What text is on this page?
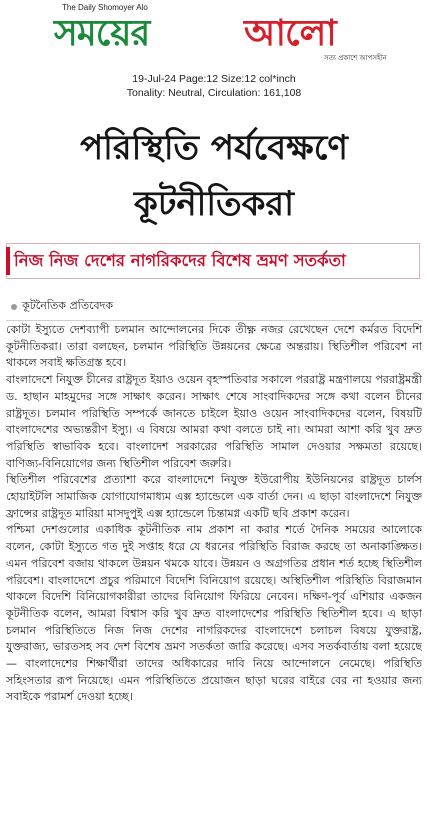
The Daily Shomoyer Alo
সময়ের	আলো
সত্য প্রকাশে আপসহীন
19-Jul-24 Page:12 Size:12 col*inch
Tonality: Neutral, Circulation: 161,108
পরিস্থিতি পর্যবেক্ষণে
কূটনীতিকরা
নিজ নিজ দেশের নাগরিকদের বিশেষ ভ্রমণ সতর্কতা
কূটনৈতিক প্রতিবেদক

কোটা ইস্যুতে দেশব্যাপী চলমান আন্দোলনের দিকে তীক্ষ্ণ নজর রেখেছেন দেশে কর্মরত বিদেশি কূটনীতিকরা। তারা বলছেন, চলমান পরিস্থিতি উন্নয়নের ক্ষেত্রে অন্তরায়। স্থিতিশীল পরিবেশ না থাকলে সবাই ক্ষতিগ্রস্ত হবে।

বাংলাদেশে নিযুক্ত চীনের রাষ্ট্রদূত ইয়াও ওয়েন বৃহস্পতিবার সকালে পররাষ্ট্র মন্ত্রণালয়ে পররাষ্ট্রমন্ত্রী ড. হাছান মাহমুদের সঙ্গে সাক্ষাৎ করেন। সাক্ষাৎ শেষে সাংবাদিকদের সঙ্গে কথা বলেন চীনের রাষ্ট্রদূত। চলমান পরিস্থিতি সম্পর্কে জানতে চাইলে ইয়াও ওয়েন সাংবাদিকদের বলেন, বিষয়টি বাংলাদেশের অভ্যন্তরীণ ইস্যু। এ বিষয়ে আমরা কথা বলতে চাই না। আমরা আশা করি খুব দ্রুত পরিস্থিতি স্বাভাবিক হবে। বাংলাদেশ সরকারের পরিস্থিতি সামাল দেওয়ার সক্ষমতা রয়েছে। বাণিজ্য-বিনিয়োগের জন্য স্থিতিশীল পরিবেশ জরুরি।

স্থিতিশীল পরিবেশের প্রত্যাশা করে বাংলাদেশে নিযুক্ত ইউরোপীয় ইউনিয়নের রাষ্ট্রদূত চার্লস হোয়াইটলি সামাজিক যোগাযোগমাধ্যম এক্স হ্যান্ডেলে এক বার্তা দেন। এ ছাড়া বাংলাদেশে নিযুক্ত ফ্রান্সের রাষ্ট্রদূত মারিয়া মাসদুপুই এক্স হ্যান্ডেলে চিন্তামগ্ন একটি ছবি প্রকাশ করেন।

পশ্চিমা দেশগুলোর একাধিক কূটনীতিক নাম প্রকাশ না করার শর্তে দৈনিক সময়ের আলোকে বলেন, কোটা ইস্যুতে গত দুই সপ্তাহ ধরে যে ধরনের পরিস্থিতি বিরাজ করছে তা অনাকাঙ্ক্ষিত। এমন পরিবেশ বজায় থাকলে উন্নয়ন থমকে যাবে। উন্নয়ন ও অগ্রগতির প্রধান শর্ত হচ্ছে স্থিতিশীল পরিবেশ। বাংলাদেশে প্রচুর পরিমাণে বিদেশি বিনিয়োগ রয়েছে। অস্থিতিশীল পরিস্থিতি বিরাজমান থাকলে বিদেশি বিনিয়োগকারীরা তাদের বিনিয়োগ ফিরিয়ে নেবেন। দক্ষিণ-পূর্ব এশিয়ার একজন কূটনীতিক বলেন, আমরা বিশ্বাস করি খুব দ্রুত বাংলাদেশের পরিস্থিতি স্থিতিশীল হবে। এ ছাড়া চলমান পরিস্থিতিতে নিজ নিজ দেশের নাগরিকদের বাংলাদেশে চলাচল বিষয়ে যুক্তরাষ্ট্র, যুক্তরাজ্য, ভারতসহ সব দেশ বিশেষ ভ্রমণ সতর্কতা জারি করেছে। এসব সতর্কবার্তায় বলা হয়েছে— বাংলাদেশের শিক্ষার্থীরা তাদের অধিকারের দাবি নিয়ে আন্দোলনে নেমেছে। পরিস্থিতি সহিংসতার রূপ নিয়েছে। এমন পরিস্থিতিতে প্রয়োজন ছাড়া ঘরের বাইরে বের না হওয়ার জন্য সবাইকে পরামর্শ দেওয়া হচ্ছে।
